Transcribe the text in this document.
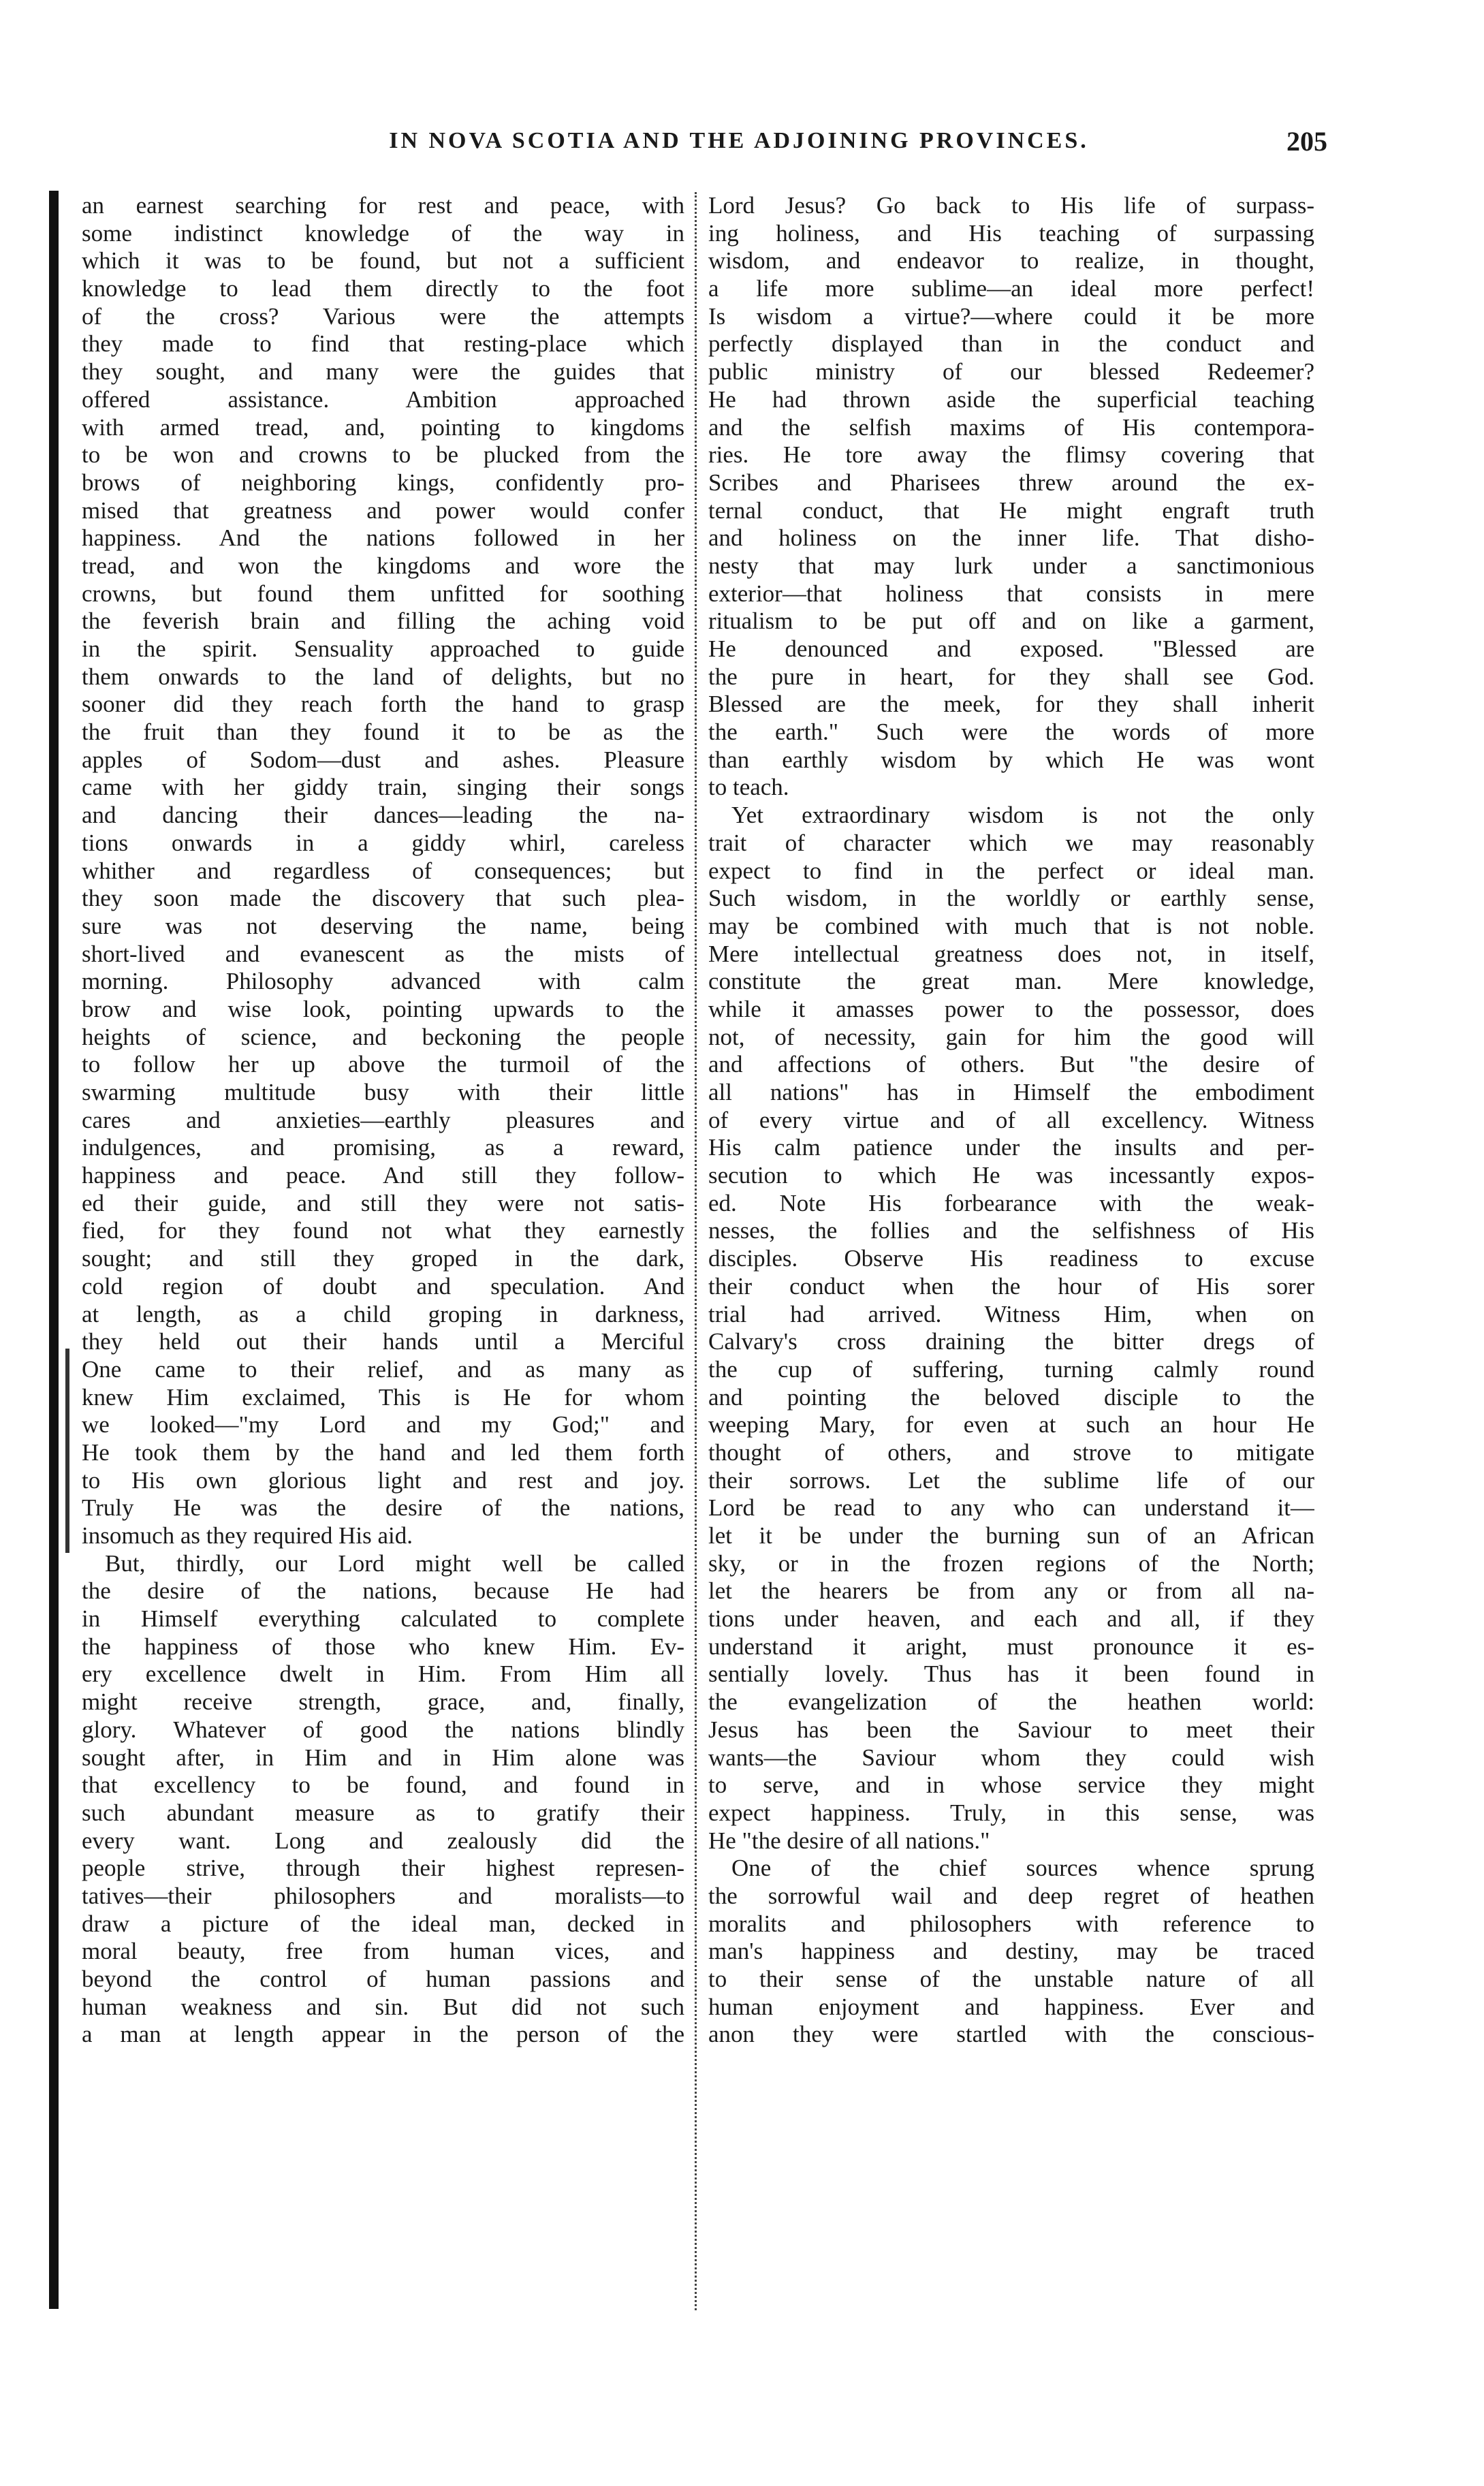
IN NOVA SCOTIA AND THE ADJOINING PROVINCES.	205
an earnest searching for rest and peace, with
some indistinct knowledge of the way in
which it was to be found, but not a sufficient
knowledge to lead them directly to the foot
of the cross? Various were the attempts
they made to find that resting-place which
they sought, and many were the guides that
offered assistance. Ambition approached
with armed tread, and, pointing to kingdoms
to be won and crowns to be plucked from the
brows of neighboring kings, confidently pro-
mised that greatness and power would confer
happiness. And the nations followed in her
tread, and won the kingdoms and wore the
crowns, but found them unfitted for soothing
the feverish brain and filling the aching void
in the spirit. Sensuality approached to guide
them onwards to the land of delights, but no
sooner did they reach forth the hand to grasp
the fruit than they found it to be as the
apples of Sodom—dust and ashes. Pleasure
came with her giddy train, singing their songs
and dancing their dances—leading the na-
tions onwards in a giddy whirl, careless
whither and regardless of consequences; but
they soon made the discovery that such plea-
sure was not deserving the name, being
short-lived and evanescent as the mists of
morning. Philosophy advanced with calm
brow and wise look, pointing upwards to the
heights of science, and beckoning the people
to follow her up above the turmoil of the
swarming multitude busy with their little
cares and anxieties—earthly pleasures and
indulgences, and promising, as a reward,
happiness and peace. And still they follow-
ed their guide, and still they were not satis-
fied, for they found not what they earnestly
sought; and still they groped in the dark,
cold region of doubt and speculation. And
at length, as a child groping in darkness,
they held out their hands until a Merciful
One came to their relief, and as many as
knew Him exclaimed, This is He for whom
we looked—"my Lord and my God;" and
He took them by the hand and led them forth
to His own glorious light and rest and joy.
Truly He was the desire of the nations,
insomuch as they required His aid.
But, thirdly, our Lord might well be called
the desire of the nations, because He had
in Himself everything calculated to complete
the happiness of those who knew Him. Ev-
ery excellence dwelt in Him. From Him all
might receive strength, grace, and, finally,
glory. Whatever of good the nations blindly
sought after, in Him and in Him alone was
that excellency to be found, and found in
such abundant measure as to gratify their
every want. Long and zealously did the
people strive, through their highest represen-
tatives—their philosophers and moralists—to
draw a picture of the ideal man, decked in
moral beauty, free from human vices, and
beyond the control of human passions and
human weakness and sin. But did not such
a man at length appear in the person of the
Lord Jesus? Go back to His life of surpass-
ing holiness, and His teaching of surpassing
wisdom, and endeavor to realize, in thought,
a life more sublime—an ideal more perfect!
Is wisdom a virtue?—where could it be more
perfectly displayed than in the conduct and
public ministry of our blessed Redeemer?
He had thrown aside the superficial teaching
and the selfish maxims of His contempora-
ries. He tore away the flimsy covering that
Scribes and Pharisees threw around the ex-
ternal conduct, that He might engraft truth
and holiness on the inner life. That disho-
nesty that may lurk under a sanctimonious
exterior—that holiness that consists in mere
ritualism to be put off and on like a garment,
He denounced and exposed. "Blessed are
the pure in heart, for they shall see God.
Blessed are the meek, for they shall inherit
the earth." Such were the words of more
than earthly wisdom by which He was wont
to teach.
Yet extraordinary wisdom is not the only
trait of character which we may reasonably
expect to find in the perfect or ideal man.
Such wisdom, in the worldly or earthly sense,
may be combined with much that is not noble.
Mere intellectual greatness does not, in itself,
constitute the great man. Mere knowledge,
while it amasses power to the possessor, does
not, of necessity, gain for him the good will
and affections of others. But "the desire of
all nations" has in Himself the embodiment
of every virtue and of all excellency. Witness
His calm patience under the insults and per-
secution to which He was incessantly expos-
ed. Note His forbearance with the weak-
nesses, the follies and the selfishness of His
disciples. Observe His readiness to excuse
their conduct when the hour of His sorer
trial had arrived. Witness Him, when on
Calvary's cross draining the bitter dregs of
the cup of suffering, turning calmly round
and pointing the beloved disciple to the
weeping Mary, for even at such an hour He
thought of others, and strove to mitigate
their sorrows. Let the sublime life of our
Lord be read to any who can understand it—
let it be under the burning sun of an African
sky, or in the frozen regions of the North;
let the hearers be from any or from all na-
tions under heaven, and each and all, if they
understand it aright, must pronounce it es-
sentially lovely. Thus has it been found in
the evangelization of the heathen world:
Jesus has been the Saviour to meet their
wants—the Saviour whom they could wish
to serve, and in whose service they might
expect happiness. Truly, in this sense, was
He "the desire of all nations."
One of the chief sources whence sprung
the sorrowful wail and deep regret of heathen
moralits and philosophers with reference to
man's happiness and destiny, may be traced
to their sense of the unstable nature of all
human enjoyment and happiness. Ever and
anon they were startled with the conscious-
